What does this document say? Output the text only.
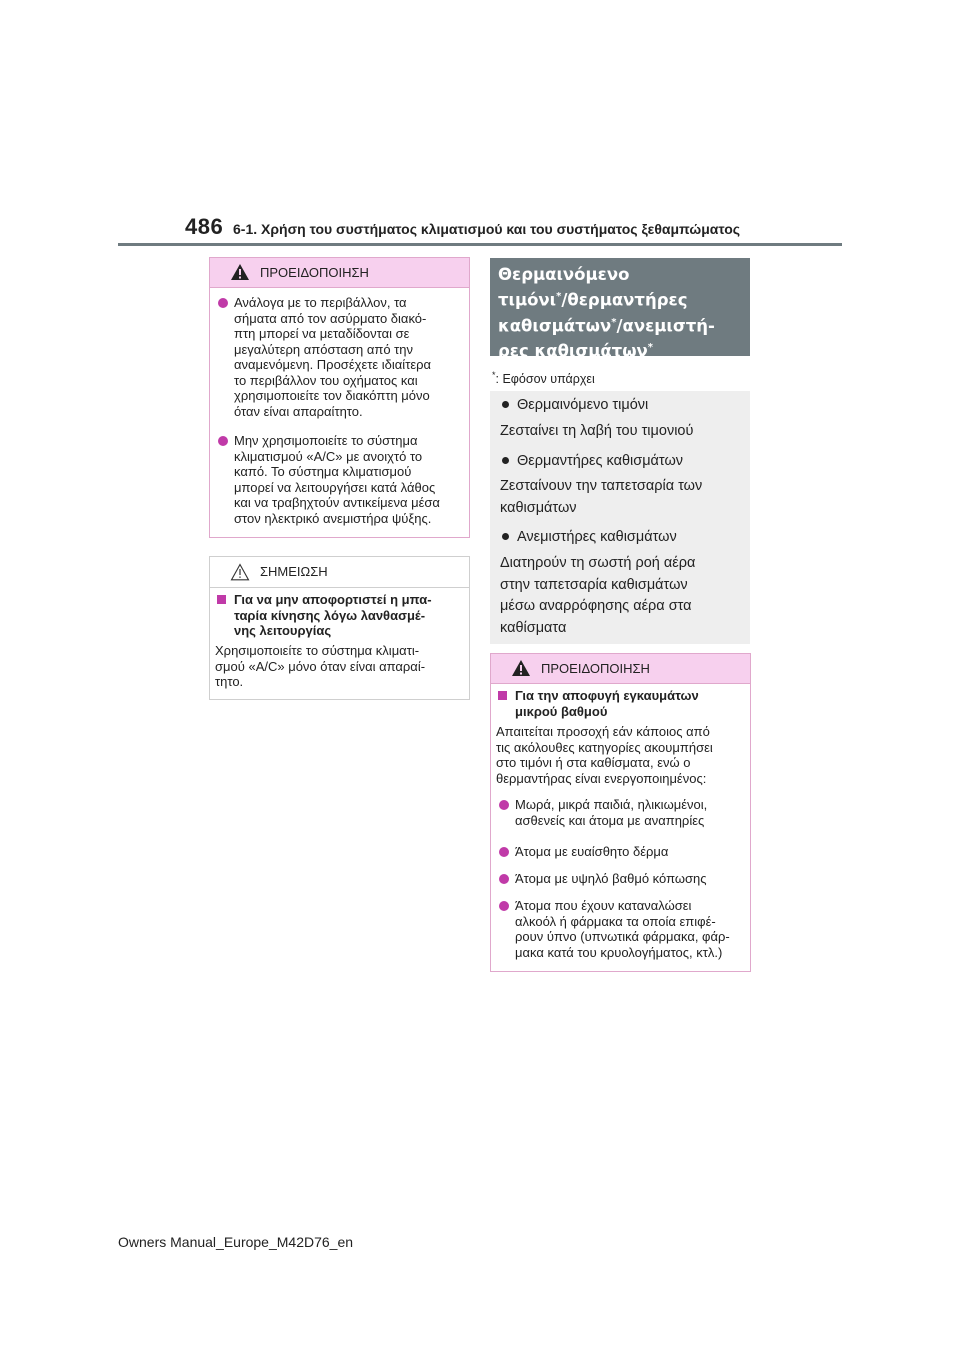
486 6-1. Χρήση του συστήματος κλιματισμού και του συστήματος ξεθαμπώματος
ΠΡΟΕΙΔΟΠΟΙΗΣΗ
Ανάλογα με το περιβάλλον, τα
σήματα από τον ασύρματο διακό-
πτη μπορεί να μεταδίδονται σε
μεγαλύτερη απόσταση από την
αναμενόμενη. Προσέχετε ιδιαίτερα
το περιβάλλον του οχήματος και
χρησιμοποιείτε τον διακόπτη μόνο
όταν είναι απαραίτητο.
Μην χρησιμοποιείτε το σύστημα
κλιματισμού «A/C» με ανοιχτό το
καπό. Το σύστημα κλιματισμού
μπορεί να λειτουργήσει κατά λάθος
και να τραβηχτούν αντικείμενα μέσα
στον ηλεκτρικό ανεμιστήρα ψύξης.
ΣΗΜΕΙΩΣΗ
Για να μην αποφορτιστεί η μπα-
ταρία κίνησης λόγω λανθασμέ-
νης λειτουργίας
Χρησιμοποιείτε το σύστημα κλιματι-
σμού «A/C» μόνο όταν είναι απαραί-
τητο.
Θερμαινόμενο
τιμόνι*/θερμαντήρες
καθισμάτων*/ανεμιστή-
ρες καθισμάτων*
*: Εφόσον υπάρχει
Θερμαινόμενο τιμόνι
Ζεσταίνει τη λαβή του τιμονιού
Θερμαντήρες καθισμάτων
Ζεσταίνουν την ταπετσαρία των
καθισμάτων
Ανεμιστήρες καθισμάτων
Διατηρούν τη σωστή ροή αέρα
στην ταπετσαρία καθισμάτων
μέσω αναρρόφησης αέρα στα
καθίσματα
ΠΡΟΕΙΔΟΠΟΙΗΣΗ
Για την αποφυγή εγκαυμάτων
μικρού βαθμού
Απαιτείται προσοχή εάν κάποιος από
τις ακόλουθες κατηγορίες ακουμπήσει
στο τιμόνι ή στα καθίσματα, ενώ ο
θερμαντήρας είναι ενεργοποιημένος:
Μωρά, μικρά παιδιά, ηλικιωμένοι,
ασθενείς και άτομα με αναπηρίες
Άτομα με ευαίσθητο δέρμα
Άτομα με υψηλό βαθμό κόπωσης
Άτομα που έχουν καταναλώσει
αλκοόλ ή φάρμακα τα οποία επιφέ-
ρουν ύπνο (υπνωτικά φάρμακα, φάρ-
μακα κατά του κρυολογήματος, κτλ.)
Owners Manual_Europe_M42D76_en
